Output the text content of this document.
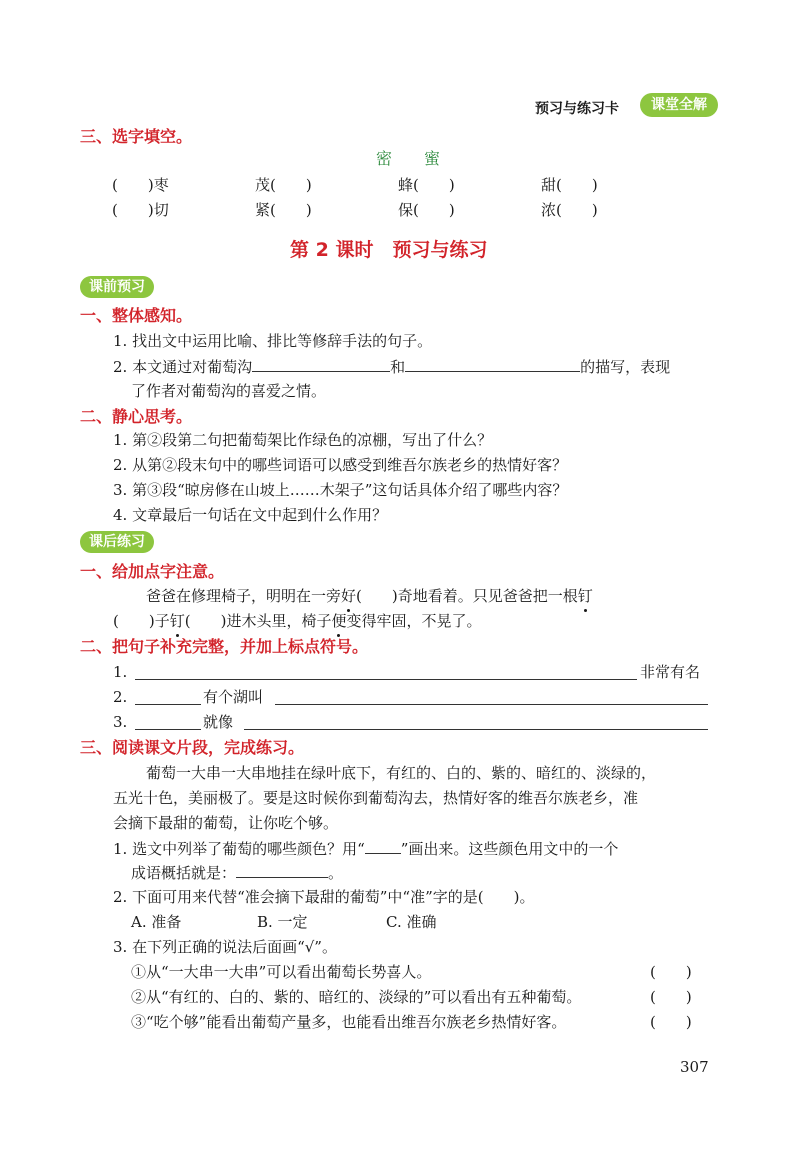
预习与练习卡	课堂全解
三、选字填空。
密　　蜜
(　　)枣	茂(　　)	蜂(　　)	甜(　　)
(　　)切	紧(　　)	保(　　)	浓(　　)
第 2 课时　预习与练习
课前预习
一、整体感知。
1. 找出文中运用比喻、排比等修辞手法的句子。
2. 本文通过对葡萄沟	和	的描写，表现
了作者对葡萄沟的喜爱之情。
二、静心思考。
1. 第②段第二句把葡萄架比作绿色的凉棚，写出了什么？
2. 从第②段末句中的哪些词语可以感受到维吾尔族老乡的热情好客？
3. 第③段“晾房修在山坡上……木架子”这句话具体介绍了哪些内容？
4. 文章最后一句话在文中起到什么作用？
课后练习
一、给加点字注意。
爸爸在修理椅子，明明在一旁好(　　)奇地看着。只见爸爸把一根钉
(　　)子钉(　　)进木头里，椅子便变得牢固，不晃了。
二、把句子补充完整，并加上标点符号。
1.	非常有名
2.	有个湖叫
3.	就像
三、阅读课文片段，完成练习。
葡萄一大串一大串地挂在绿叶底下，有红的、白的、紫的、暗红的、淡绿的，
五光十色，美丽极了。要是这时候你到葡萄沟去，热情好客的维吾尔族老乡，准
会摘下最甜的葡萄，让你吃个够。
1. 选文中列举了葡萄的哪些颜色？用“ ”画出来。这些颜色用文中的一个
成语概括就是：	。
2. 下面可用来代替“准会摘下最甜的葡萄”中“准”字的是(　　)。
A. 准备	B. 一定	C. 准确
3. 在下列正确的说法后面画“√”。
①从“一大串一大串”可以看出葡萄长势喜人。	(　　)
②从“有红的、白的、紫的、暗红的、淡绿的”可以看出有五种葡萄。	(　　)
③“吃个够”能看出葡萄产量多，也能看出维吾尔族老乡热情好客。	(　　)
307
